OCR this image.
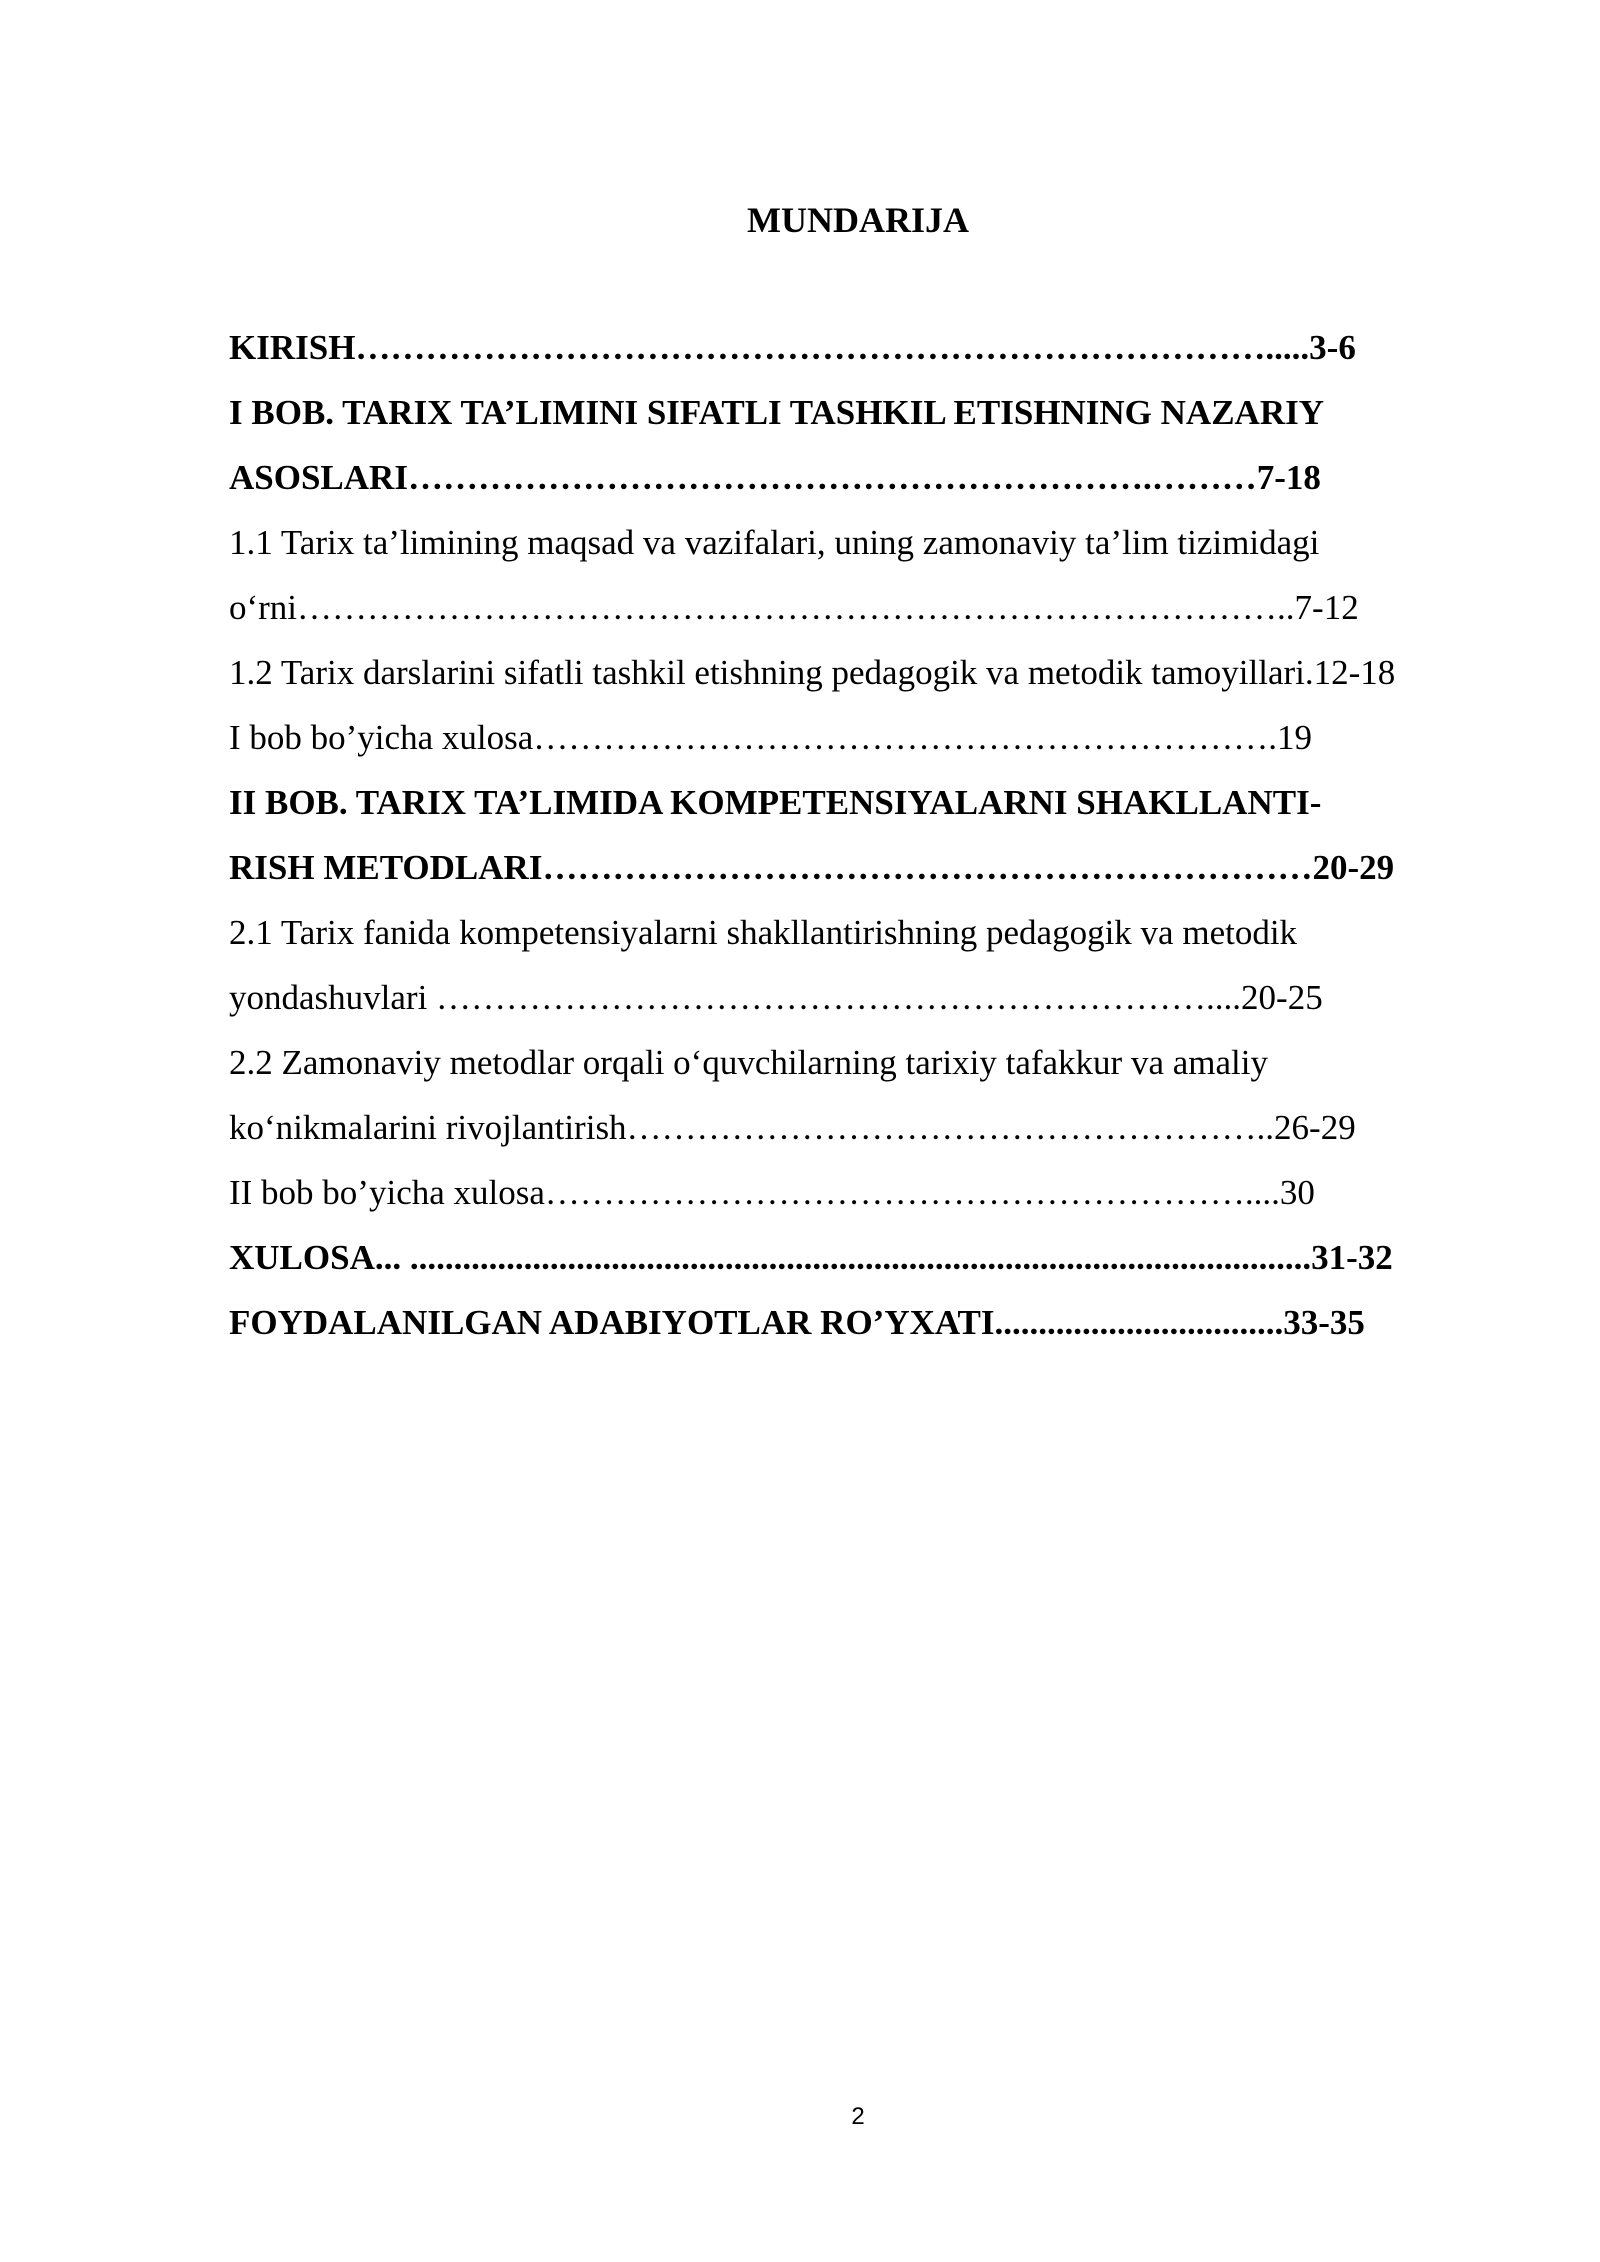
MUNDARIJA
KIRISH…………………………………………………………………….....3-6
I BOB. TARIX TA’LIMINI SIFATLI TASHKIL ETISHNING NAZARIY
ASOSLARI……………………………………………………….………7-18
1.1 Tarix ta’limining maqsad va vazifalari, uning zamonaviy ta’lim tizimidagi
o‘rni…………………………………………………………………………..7-12
1.2 Tarix darslarini sifatli tashkil etishning pedagogik va metodik tamoyillari.12-18
I bob bo’yicha xulosa……………………………………………………….19
II BOB. TARIX TA’LIMIDA KOMPETENSIYALARNI SHAKLLANTI-
RISH METODLARI…………………………………………………………20-29
2.1 Tarix fanida kompetensiyalarni shakllantirishning pedagogik va metodik
yondashuvlari …………………………………………………………....20-25
2.2 Zamonaviy metodlar orqali o‘quvchilarning tarixiy tafakkur va amaliy
ko‘nikmalarini rivojlantirish………………………………………………..26-29
II bob bo’yicha xulosa……………………………………………………....30
XULOSA... .......................................................................................................31-32
FOYDALANILGAN ADABIYOTLAR RO’YXATI.................................33-35
2
